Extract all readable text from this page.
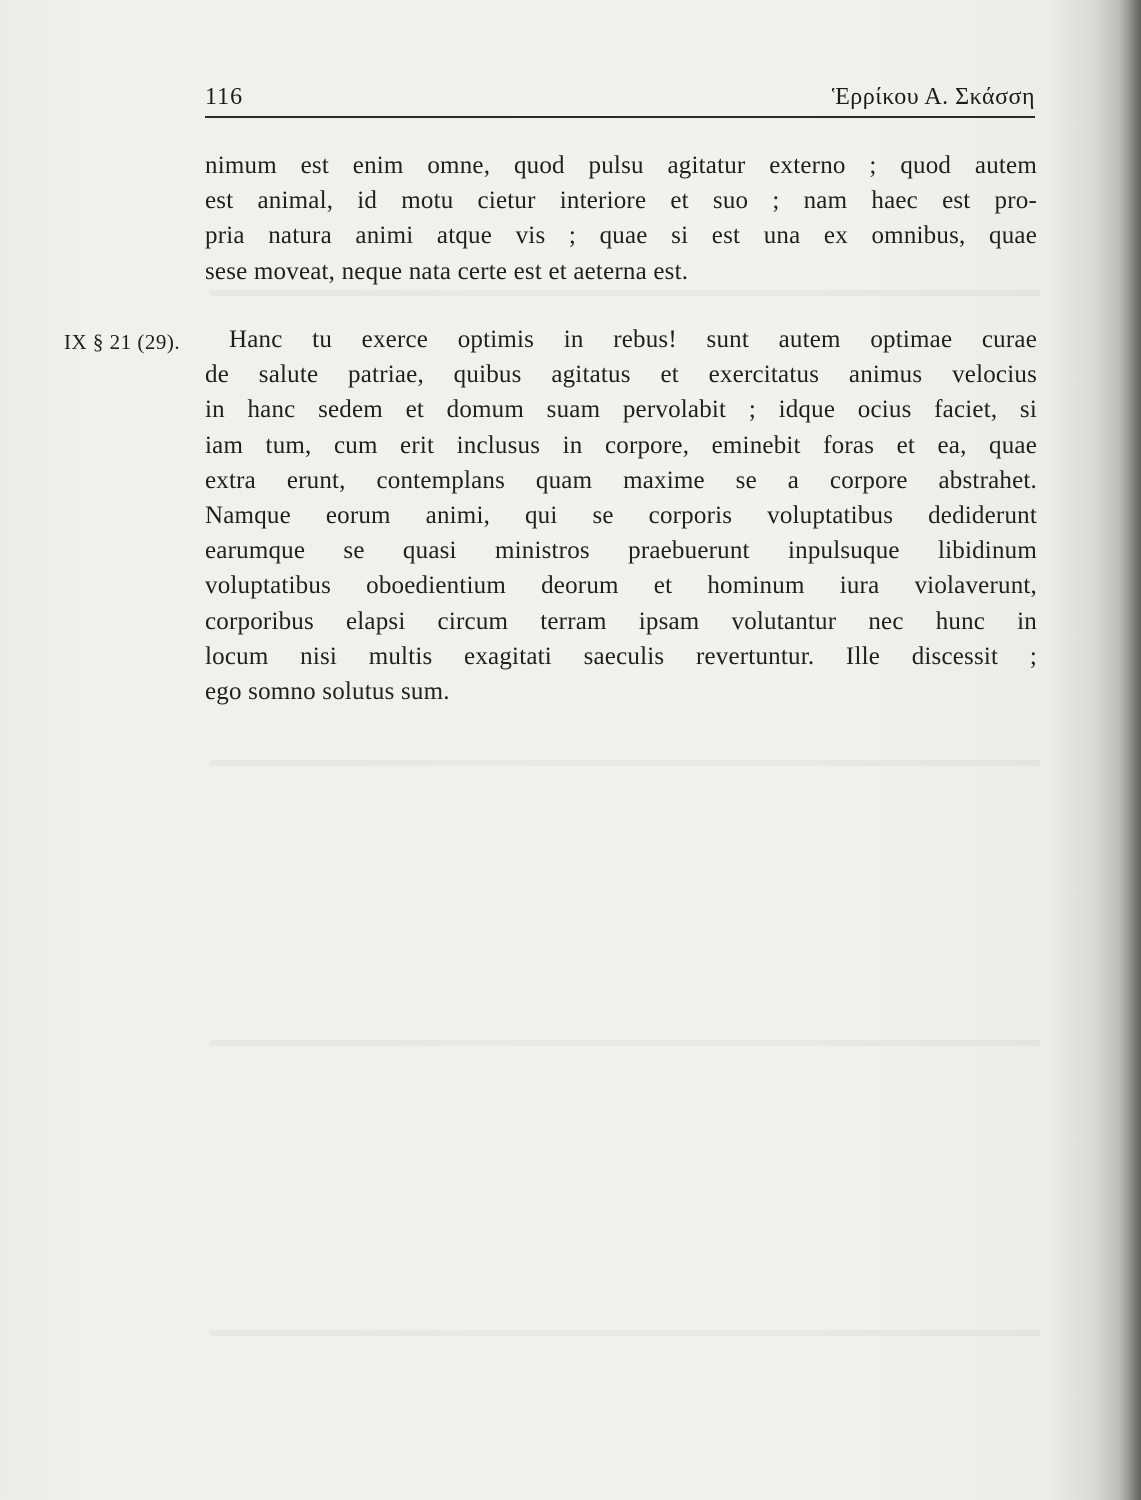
116	Ἑρρίκου Α. Σκάσση
nimum est enim omne, quod pulsu agitatur externo ; quod autem
est animal, id motu cietur interiore et suo ; nam haec est pro-
pria natura animi atque vis ; quae si est una ex omnibus, quae
sese moveat, neque nata certe est et aeterna est.
IX § 21 (29).	Hanc tu exerce optimis in rebus! sunt autem optimae curae
de salute patriae, quibus agitatus et exercitatus animus velocius
in hanc sedem et domum suam pervolabit ; idque ocius faciet, si
iam tum, cum erit inclusus in corpore, eminebit foras et ea, quae
extra erunt, contemplans quam maxime se a corpore abstrahet.
Namque eorum animi, qui se corporis voluptatibus dediderunt
earumque se quasi ministros praebuerunt inpulsuque libidinum
voluptatibus oboedientium deorum et hominum iura violaverunt,
corporibus elapsi circum terram ipsam volutantur nec hunc in
locum nisi multis exagitati saeculis revertuntur. Ille discessit ;
ego somno solutus sum.
